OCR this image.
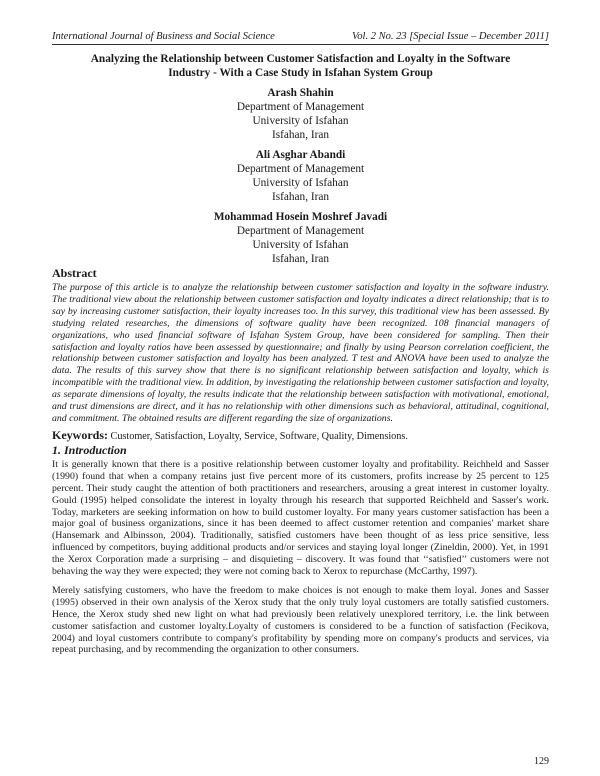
International Journal of Business and Social Science	Vol. 2 No. 23 [Special Issue – December 2011]
Analyzing the Relationship between Customer Satisfaction and Loyalty in the Software
Industry - With a Case Study in Isfahan System Group
Arash Shahin
Department of Management
University of Isfahan
Isfahan, Iran
Ali Asghar Abandi
Department of Management
University of Isfahan
Isfahan, Iran
Mohammad Hosein Moshref Javadi
Department of Management
University of Isfahan
Isfahan, Iran
Abstract
The purpose of this article is to analyze the relationship between customer satisfaction and loyalty in the software industry. The traditional view about the relationship between customer satisfaction and loyalty indicates a direct relationship; that is to say by increasing customer satisfaction, their loyalty increases too. In this survey, this traditional view has been assessed. By studying related researches, the dimensions of software quality have been recognized. 108 financial managers of organizations, who used financial software of Isfahan System Group, have been considered for sampling. Then their satisfaction and loyalty ratios have been assessed by questionnaire; and finally by using Pearson correlation coefficient, the relationship between customer satisfaction and loyalty has been analyzed. T test and ANOVA have been used to analyze the data. The results of this survey show that there is no significant relationship between satisfaction and loyalty, which is incompatible with the traditional view. In addition, by investigating the relationship between customer satisfaction and loyalty, as separate dimensions of loyalty, the results indicate that the relationship between satisfaction with motivational, emotional, and trust dimensions are direct, and it has no relationship with other dimensions such as behavioral, attitudinal, cognitional, and commitment. The obtained results are different regarding the size of organizations.
Keywords: Customer, Satisfaction, Loyalty, Service, Software, Quality, Dimensions.
1. Introduction
It is generally known that there is a positive relationship between customer loyalty and profitability. Reichheld and Sasser (1990) found that when a company retains just five percent more of its customers, profits increase by 25 percent to 125 percent. Their study caught the attention of both practitioners and researchers, arousing a great interest in customer loyalty. Gould (1995) helped consolidate the interest in loyalty through his research that supported Reichheld and Sasser's work. Today, marketers are seeking information on how to build customer loyalty. For many years customer satisfaction has been a major goal of business organizations, since it has been deemed to affect customer retention and companies' market share (Hansemark and Albinsson, 2004). Traditionally, satisfied customers have been thought of as less price sensitive, less influenced by competitors, buying additional products and/or services and staying loyal longer (Zineldin, 2000). Yet, in 1991 the Xerox Corporation made a surprising – and disquieting – discovery. It was found that ‘‘satisfied’’ customers were not behaving the way they were expected; they were not coming back to Xerox to repurchase (McCarthy, 1997).
Merely satisfying customers, who have the freedom to make choices is not enough to make them loyal. Jones and Sasser (1995) observed in their own analysis of the Xerox study that the only truly loyal customers are totally satisfied customers. Hence, the Xerox study shed new light on what had previously been relatively unexplored territory, i.e. the link between customer satisfaction and customer loyalty.Loyalty of customers is considered to be a function of satisfaction (Fecikova, 2004) and loyal customers contribute to company's profitability by spending more on company's products and services, via repeat purchasing, and by recommending the organization to other consumers.
129
